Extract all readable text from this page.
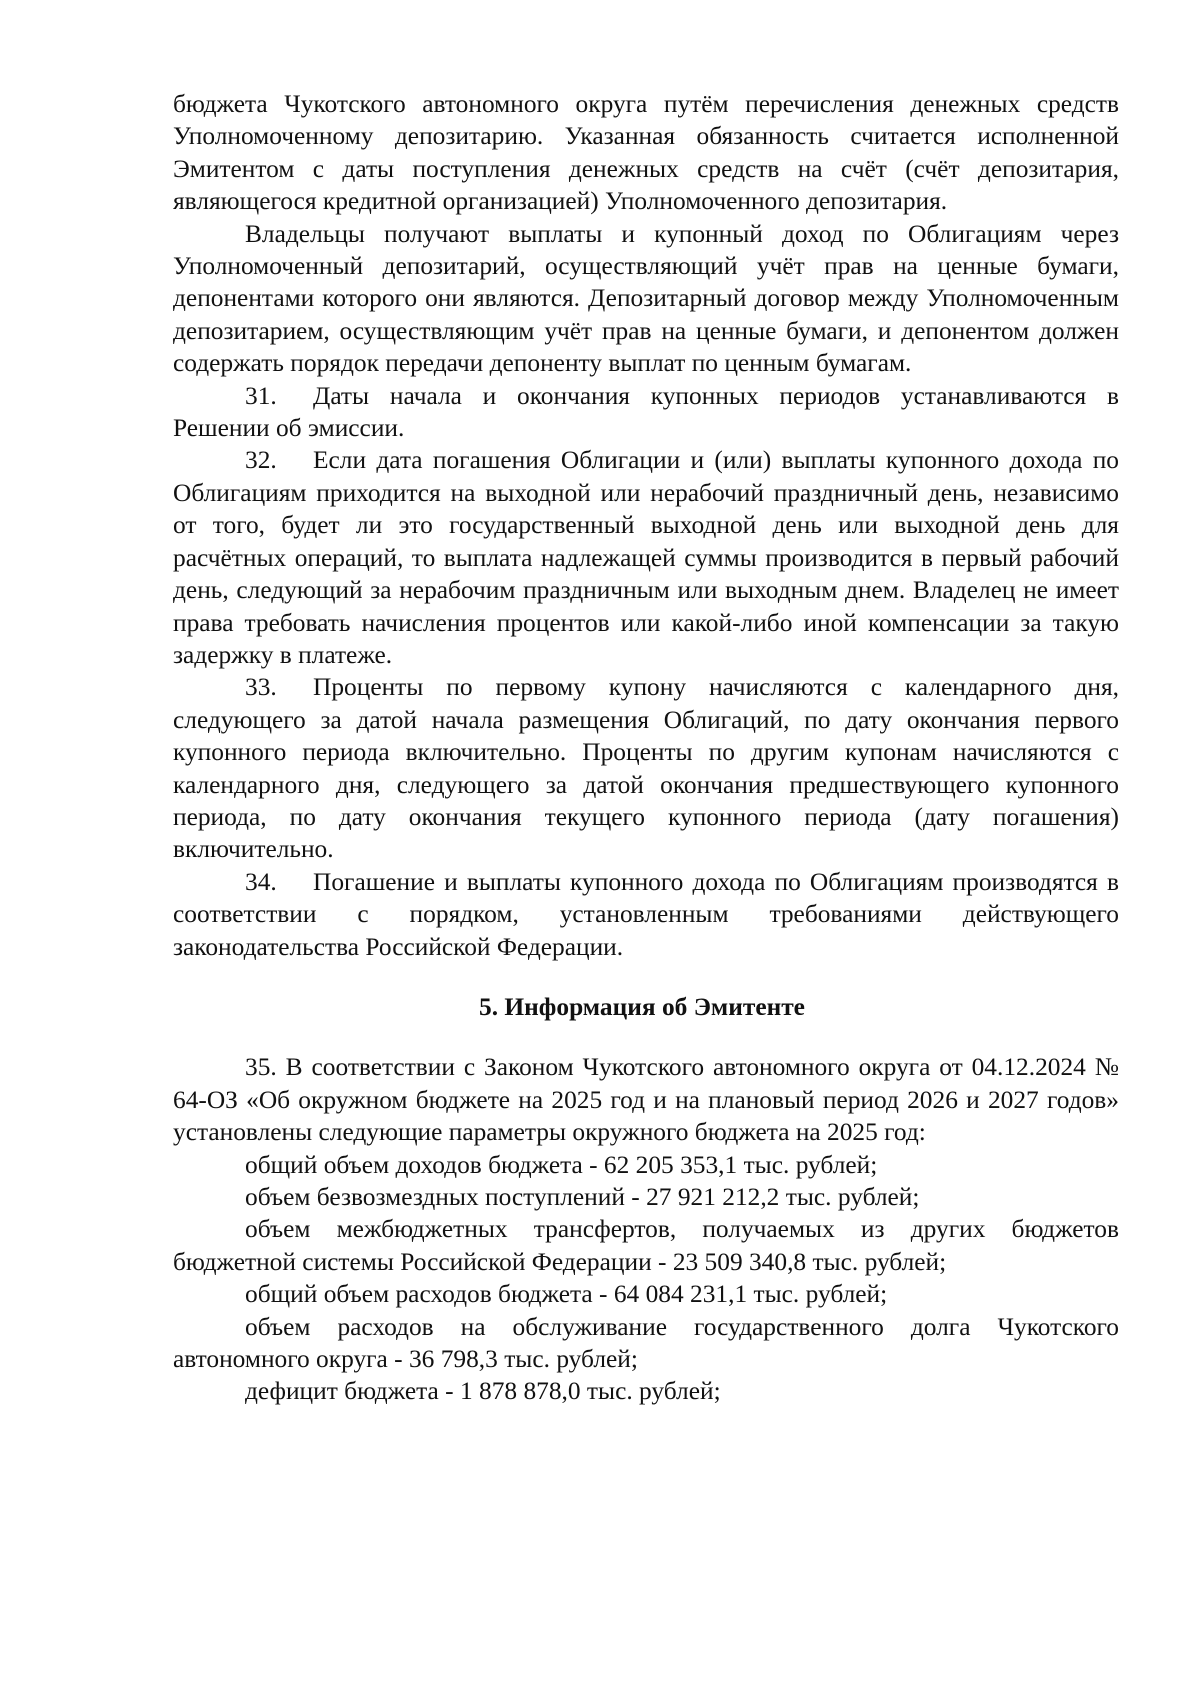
бюджета Чукотского автономного округа путём перечисления денежных средств Уполномоченному депозитарию. Указанная обязанность считается исполненной Эмитентом с даты поступления денежных средств на счёт (счёт депозитария, являющегося кредитной организацией) Уполномоченного депозитария.

Владельцы получают выплаты и купонный доход по Облигациям через Уполномоченный депозитарий, осуществляющий учёт прав на ценные бумаги, депонентами которого они являются. Депозитарный договор между Уполномоченным депозитарием, осуществляющим учёт прав на ценные бумаги, и депонентом должен содержать порядок передачи депоненту выплат по ценным бумагам.

31. Даты начала и окончания купонных периодов устанавливаются в Решении об эмиссии.

32. Если дата погашения Облигации и (или) выплаты купонного дохода по Облигациям приходится на выходной или нерабочий праздничный день, независимо от того, будет ли это государственный выходной день или выходной день для расчётных операций, то выплата надлежащей суммы производится в первый рабочий день, следующий за нерабочим праздничным или выходным днем. Владелец не имеет права требовать начисления процентов или какой-либо иной компенсации за такую задержку в платеже.

33. Проценты по первому купону начисляются с календарного дня, следующего за датой начала размещения Облигаций, по дату окончания первого купонного периода включительно. Проценты по другим купонам начисляются с календарного дня, следующего за датой окончания предшествующего купонного периода, по дату окончания текущего купонного периода (дату погашения) включительно.

34. Погашение и выплаты купонного дохода по Облигациям производятся в соответствии с порядком, установленным требованиями действующего законодательства Российской Федерации.

5. Информация об Эмитенте

35. В соответствии с Законом Чукотского автономного округа от 04.12.2024 № 64-ОЗ «Об окружном бюджете на 2025 год и на плановый период 2026 и 2027 годов» установлены следующие параметры окружного бюджета на 2025 год:

общий объем доходов бюджета - 62 205 353,1 тыс. рублей;

объем безвозмездных поступлений - 27 921 212,2 тыс. рублей;

объем межбюджетных трансфертов, получаемых из других бюджетов бюджетной системы Российской Федерации - 23 509 340,8 тыс. рублей;

общий объем расходов бюджета - 64 084 231,1 тыс. рублей;

объем расходов на обслуживание государственного долга Чукотского автономного округа - 36 798,3 тыс. рублей;

дефицит бюджета - 1 878 878,0 тыс. рублей;
